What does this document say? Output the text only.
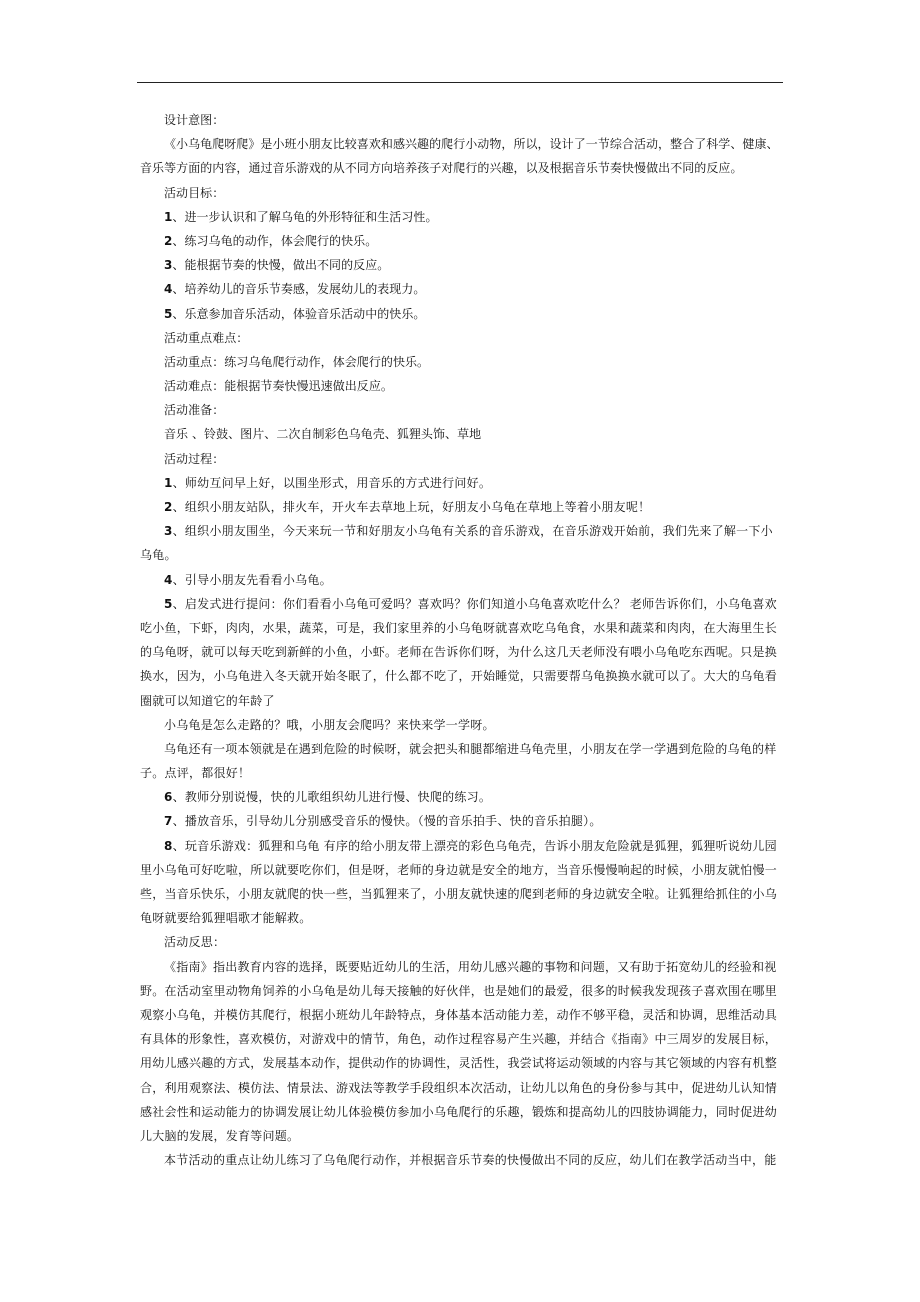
设计意图：
《小乌龟爬呀爬》是小班小朋友比较喜欢和感兴趣的爬行小动物，所以，设计了一节综合活动，整合了科学、健康、
音乐等方面的内容，通过音乐游戏的从不同方向培养孩子对爬行的兴趣，以及根据音乐节奏快慢做出不同的反应。
活动目标：
1、进一步认识和了解乌龟的外形特征和生活习性。
2、练习乌龟的动作，体会爬行的快乐。
3、能根据节奏的快慢，做出不同的反应。
4、培养幼儿的音乐节奏感，发展幼儿的表现力。
5、乐意参加音乐活动，体验音乐活动中的快乐。
活动重点难点：
活动重点：练习乌龟爬行动作，体会爬行的快乐。
活动难点：能根据节奏快慢迅速做出反应。
活动准备：
音乐 、铃鼓、图片、二次自制彩色乌龟壳、狐狸头饰、草地
活动过程：
1、师幼互问早上好，以围坐形式，用音乐的方式进行问好。
2、组织小朋友站队，排火车，开火车去草地上玩，好朋友小乌龟在草地上等着小朋友呢！
3、组织小朋友围坐，今天来玩一节和好朋友小乌龟有关系的音乐游戏，在音乐游戏开始前，我们先来了解一下小
乌龟。
4、引导小朋友先看看小乌龟。
5、启发式进行提问：你们看看小乌龟可爱吗？喜欢吗？你们知道小乌龟喜欢吃什么？ 老师告诉你们，小乌龟喜欢
吃小鱼，下虾，肉肉，水果，蔬菜，可是，我们家里养的小乌龟呀就喜欢吃乌龟食，水果和蔬菜和肉肉，在大海里生长
的乌龟呀，就可以每天吃到新鲜的小鱼，小虾。老师在告诉你们呀，为什么这几天老师没有喂小乌龟吃东西呢。只是换
换水，因为，小乌龟进入冬天就开始冬眠了，什么都不吃了，开始睡觉，只需要帮乌龟换换水就可以了。大大的乌龟看
圈就可以知道它的年龄了
小乌龟是怎么走路的？哦，小朋友会爬吗？来快来学一学呀。
乌龟还有一项本领就是在遇到危险的时候呀，就会把头和腿都缩进乌龟壳里，小朋友在学一学遇到危险的乌龟的样
子。点评，都很好！
6、教师分别说慢，快的儿歌组织幼儿进行慢、快爬的练习。
7、播放音乐，引导幼儿分别感受音乐的慢快。（慢的音乐拍手、快的音乐拍腿）。
8、玩音乐游戏：狐狸和乌龟 有序的给小朋友带上漂亮的彩色乌龟壳，告诉小朋友危险就是狐狸，狐狸听说幼儿园
里小乌龟可好吃啦，所以就要吃你们，但是呀，老师的身边就是安全的地方，当音乐慢慢响起的时候，小朋友就怕慢一
些，当音乐快乐，小朋友就爬的快一些，当狐狸来了，小朋友就快速的爬到老师的身边就安全啦。让狐狸给抓住的小乌
龟呀就要给狐狸唱歌才能解救。
活动反思：
《指南》指出教育内容的选择，既要贴近幼儿的生活，用幼儿感兴趣的事物和问题，又有助于拓宽幼儿的经验和视
野。在活动室里动物角饲养的小乌龟是幼儿每天接触的好伙伴，也是她们的最爱，很多的时候我发现孩子喜欢围在哪里
观察小乌龟，并模仿其爬行，根据小班幼儿年龄特点，身体基本活动能力差，动作不够平稳，灵活和协调，思维活动具
有具体的形象性，喜欢模仿，对游戏中的情节，角色，动作过程容易产生兴趣，并结合《指南》中三周岁的发展目标，
用幼儿感兴趣的方式，发展基本动作，提供动作的协调性，灵活性，我尝试将运动领域的内容与其它领域的内容有机整
合，利用观察法、模仿法、情景法、游戏法等教学手段组织本次活动，让幼儿以角色的身份参与其中，促进幼儿认知情
感社会性和运动能力的协调发展让幼儿体验模仿参加小乌龟爬行的乐趣，锻炼和提高幼儿的四肢协调能力，同时促进幼
儿大脑的发展，发育等问题。
本节活动的重点让幼儿练习了乌龟爬行动作，并根据音乐节奏的快慢做出不同的反应，幼儿们在教学活动当中，能
